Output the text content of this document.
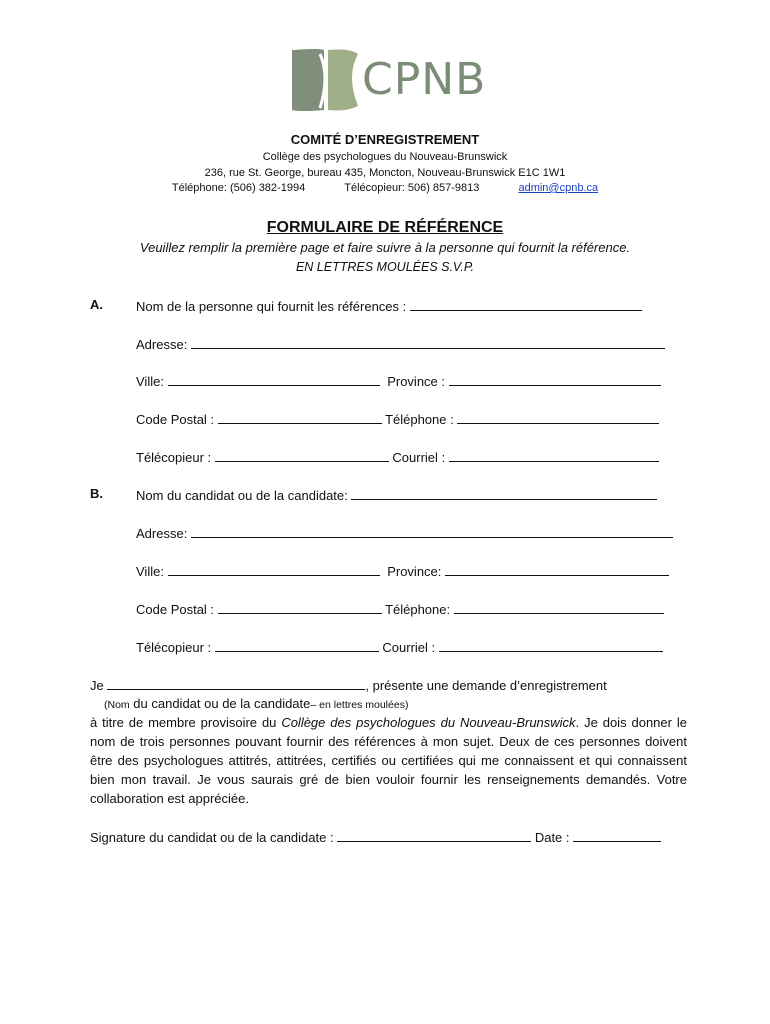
CPNB
COMITÉ D’ENREGISTREMENT
Collège des psychologues du Nouveau-Brunswick
236, rue St. George, bureau 435, Moncton, Nouveau-Brunswick E1C 1W1
Téléphone: (506) 382-1994	Télécopieur: 506) 857-9813	admin@cpnb.ca
FORMULAIRE DE RÉFÉRENCE
Veuillez remplir la première page et faire suivre à la personne qui fournit la référence.
EN LETTRES MOULÉES S.V.P.
A.	Nom de la personne qui fournit les références :
Adresse:
Ville:	Province :
Code Postal :	Téléphone :
Télécopieur :	Courriel :
B.	Nom du candidat ou de la candidate:
Adresse:
Ville:	Province:
Code Postal :	Téléphone:
Télécopieur :	Courriel :
Je	, présente une demande d’enregistrement
(Nom du candidat ou de la candidate– en lettres moulées)
à titre de membre provisoire du Collège des psychologues du Nouveau-Brunswick. Je dois donner le nom de trois personnes pouvant fournir des références à mon sujet. Deux de ces personnes doivent être des psychologues attitrés, attitrées, certifiés ou certifiées qui me connaissent et qui connaissent bien mon travail. Je vous saurais gré de bien vouloir fournir les renseignements demandés. Votre collaboration est appréciée.
Signature du candidat ou de la candidate :	Date :
